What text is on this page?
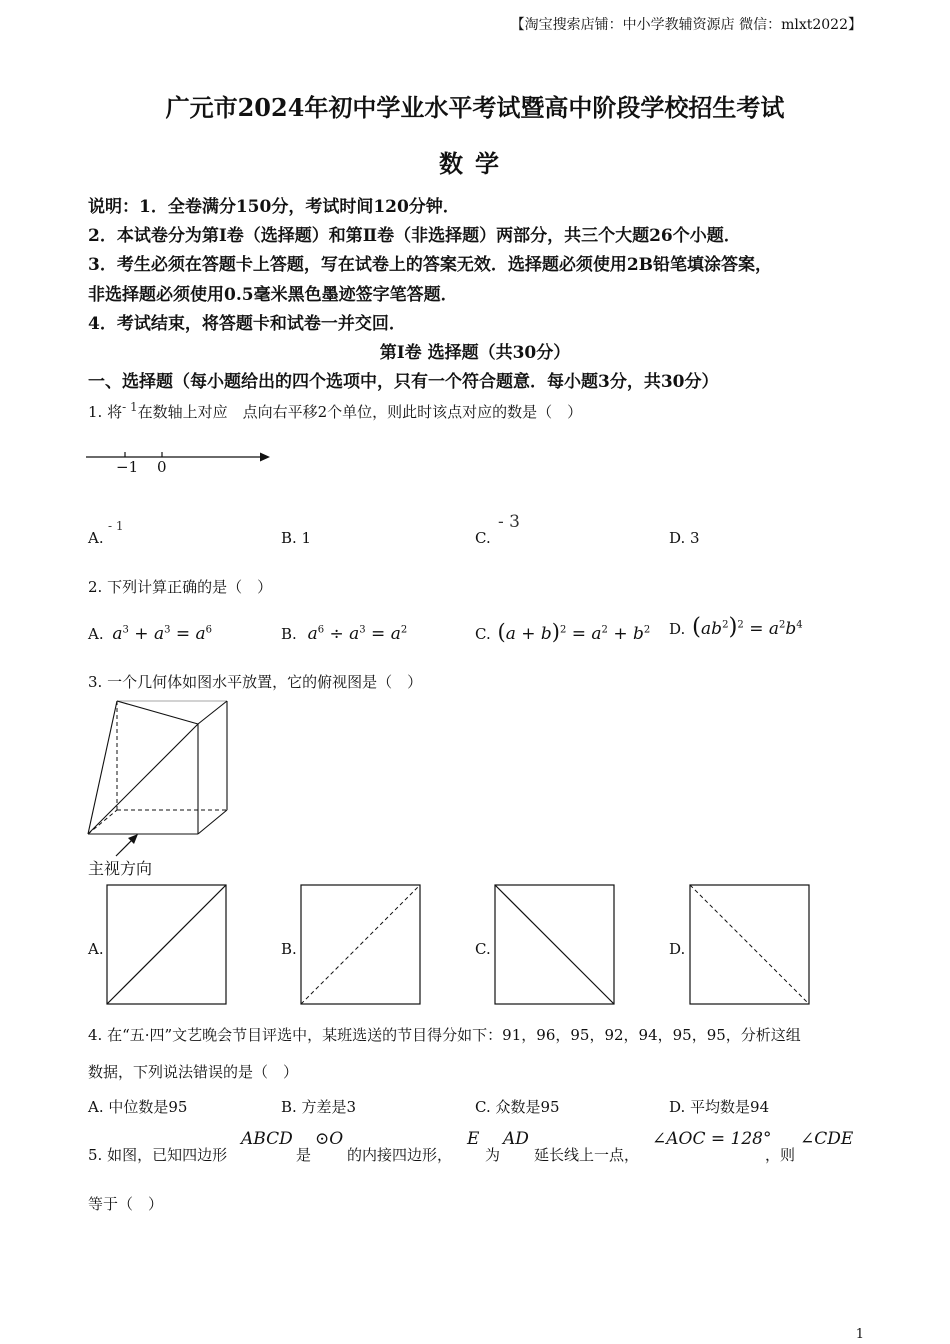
【淘宝搜索店铺：中小学教辅资源店 微信：mlxt2022】
广元市2024年初中学业水平考试暨高中阶段学校招生考试
数学
说明：1．全卷满分150分，考试时间120分钟．
2．本试卷分为第Ⅰ卷（选择题）和第Ⅱ卷（非选择题）两部分，共三个大题26个小题．
3．考生必须在答题卡上答题，写在试卷上的答案无效．选择题必须使用2B铅笔填涂答案，
非选择题必须使用0.5毫米黑色墨迹签字笔答题．
4．考试结束，将答题卡和试卷一并交回．
第Ⅰ卷 选择题（共30分）
一、选择题（每小题给出的四个选项中，只有一个符合题意．每小题3分，共30分）
1. 将$^{- 1}$在数轴上对应　点向右平移2个单位，则此时该点对应的数是（　）
−1 0
A.
- 1
B. 1	C.
- 3
D. 3
2. 下列计算正确的是（　）
A. $a^3 + a^3 = a^6$	B. $a^6 \div a^3 = a^2$	C. $(a + b)^2 = a^2 + b^2$ D. $(ab^2)^2 = a^2b^4$
3. 一个几何体如图水平放置，它的俯视图是（　）
主视方向
A.	B.	C.	D.
4. 在“五·四”文艺晚会节目评选中，某班选送的节目得分如下：91，96，95，92，94，95，95，分析这组
数据，下列说法错误的是（　）
A. 中位数是95	B. 方差是3	C. 众数是95	D. 平均数是94
5. 如图，已知四边形
ABCD
是
⊙O
的内接四边形，
E
为
AD
延长线上一点，
∠AOC = 128°
，则
∠CDE
等于（　）
1
